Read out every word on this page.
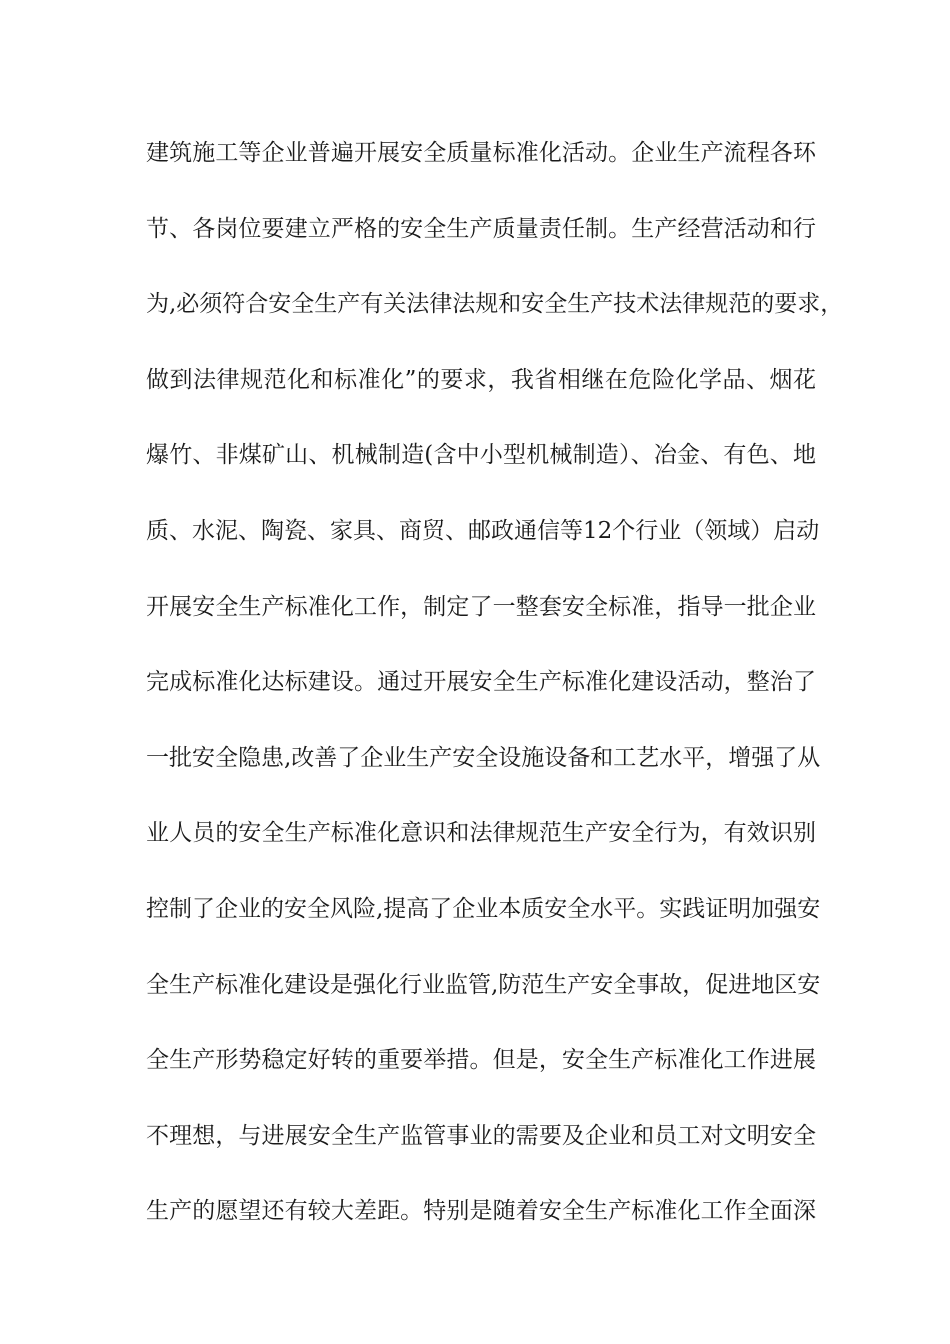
建筑施工等企业普遍开展安全质量标准化活动。企业生产流程各环
节、各岗位要建立严格的安全生产质量责任制。生产经营活动和行
为,必须符合安全生产有关法律法规和安全生产技术法律规范的要求，
做到法律规范化和标准化”的要求，我省相继在危险化学品、烟花
爆竹、非煤矿山、机械制造(含中小型机械制造）、冶金、有色、地
质、水泥、陶瓷、家具、商贸、邮政通信等12个行业（领域）启动
开展安全生产标准化工作，制定了一整套安全标准，指导一批企业
完成标准化达标建设。通过开展安全生产标准化建设活动，整治了
一批安全隐患,改善了企业生产安全设施设备和工艺水平，增强了从
业人员的安全生产标准化意识和法律规范生产安全行为，有效识别
控制了企业的安全风险,提高了企业本质安全水平。实践证明加强安
全生产标准化建设是强化行业监管,防范生产安全事故，促进地区安
全生产形势稳定好转的重要举措。但是，安全生产标准化工作进展
不理想，与进展安全生产监管事业的需要及企业和员工对文明安全
生产的愿望还有较大差距。特别是随着安全生产标准化工作全面深
